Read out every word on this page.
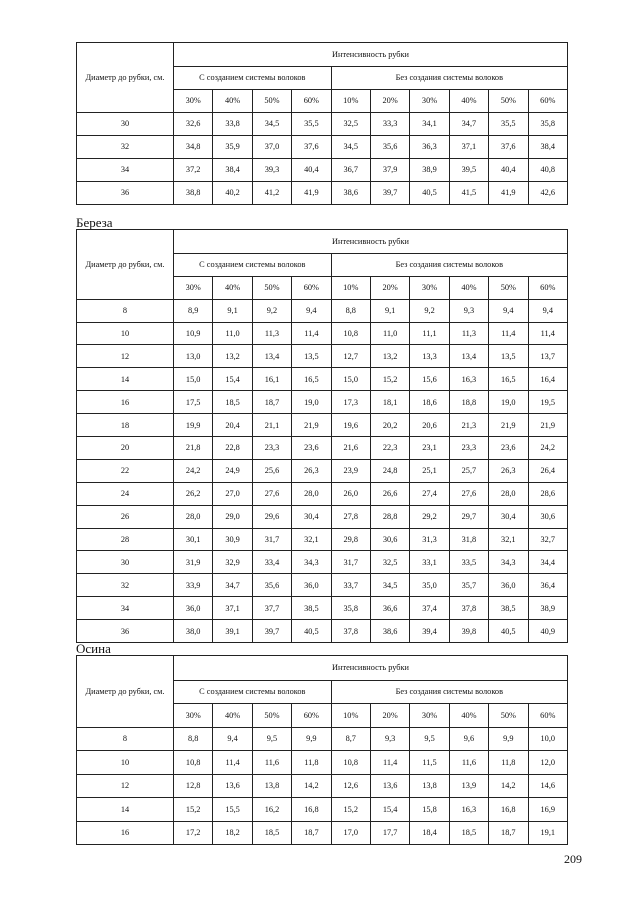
Диаметр до рубки, см.	Интенсивность рубки									
	С созданием системы волоков				Без создания системы волоков					
	30%	40%	50%	60%	10%	20%	30%	40%	50%	60%
30	32,6	33,8	34,5	35,5	32,5	33,3	34,1	34,7	35,5	35,8
32	34,8	35,9	37,0	37,6	34,5	35,6	36,3	37,1	37,6	38,4
34	37,2	38,4	39,3	40,4	36,7	37,9	38,9	39,5	40,4	40,8
36	38,8	40,2	41,2	41,9	38,6	39,7	40,5	41,5	41,9	42,6
Береза
Диаметр до рубки, см.	Интенсивность рубки									
	С созданием системы волоков				Без создания системы волоков					
	30%	40%	50%	60%	10%	20%	30%	40%	50%	60%
8	8,9	9,1	9,2	9,4	8,8	9,1	9,2	9,3	9,4	9,4
10	10,9	11,0	11,3	11,4	10,8	11,0	11,1	11,3	11,4	11,4
12	13,0	13,2	13,4	13,5	12,7	13,2	13,3	13,4	13,5	13,7
14	15,0	15,4	16,1	16,5	15,0	15,2	15,6	16,3	16,5	16,4
16	17,5	18,5	18,7	19,0	17,3	18,1	18,6	18,8	19,0	19,5
18	19,9	20,4	21,1	21,9	19,6	20,2	20,6	21,3	21,9	21,9
20	21,8	22,8	23,3	23,6	21,6	22,3	23,1	23,3	23,6	24,2
22	24,2	24,9	25,6	26,3	23,9	24,8	25,1	25,7	26,3	26,4
24	26,2	27,0	27,6	28,0	26,0	26,6	27,4	27,6	28,0	28,6
26	28,0	29,0	29,6	30,4	27,8	28,8	29,2	29,7	30,4	30,6
28	30,1	30,9	31,7	32,1	29,8	30,6	31,3	31,8	32,1	32,7
30	31,9	32,9	33,4	34,3	31,7	32,5	33,1	33,5	34,3	34,4
32	33,9	34,7	35,6	36,0	33,7	34,5	35,0	35,7	36,0	36,4
34	36,0	37,1	37,7	38,5	35,8	36,6	37,4	37,8	38,5	38,9
36	38,0	39,1	39,7	40,5	37,8	38,6	39,4	39,8	40,5	40,9
Осина
Диаметр до рубки, см.	Интенсивность рубки									
	С созданием системы волоков				Без создания системы волоков					
	30%	40%	50%	60%	10%	20%	30%	40%	50%	60%
8	8,8	9,4	9,5	9,9	8,7	9,3	9,5	9,6	9,9	10,0
10	10,8	11,4	11,6	11,8	10,8	11,4	11,5	11,6	11,8	12,0
12	12,8	13,6	13,8	14,2	12,6	13,6	13,8	13,9	14,2	14,6
14	15,2	15,5	16,2	16,8	15,2	15,4	15,8	16,3	16,8	16,9
16	17,2	18,2	18,5	18,7	17,0	17,7	18,4	18,5	18,7	19,1
209
